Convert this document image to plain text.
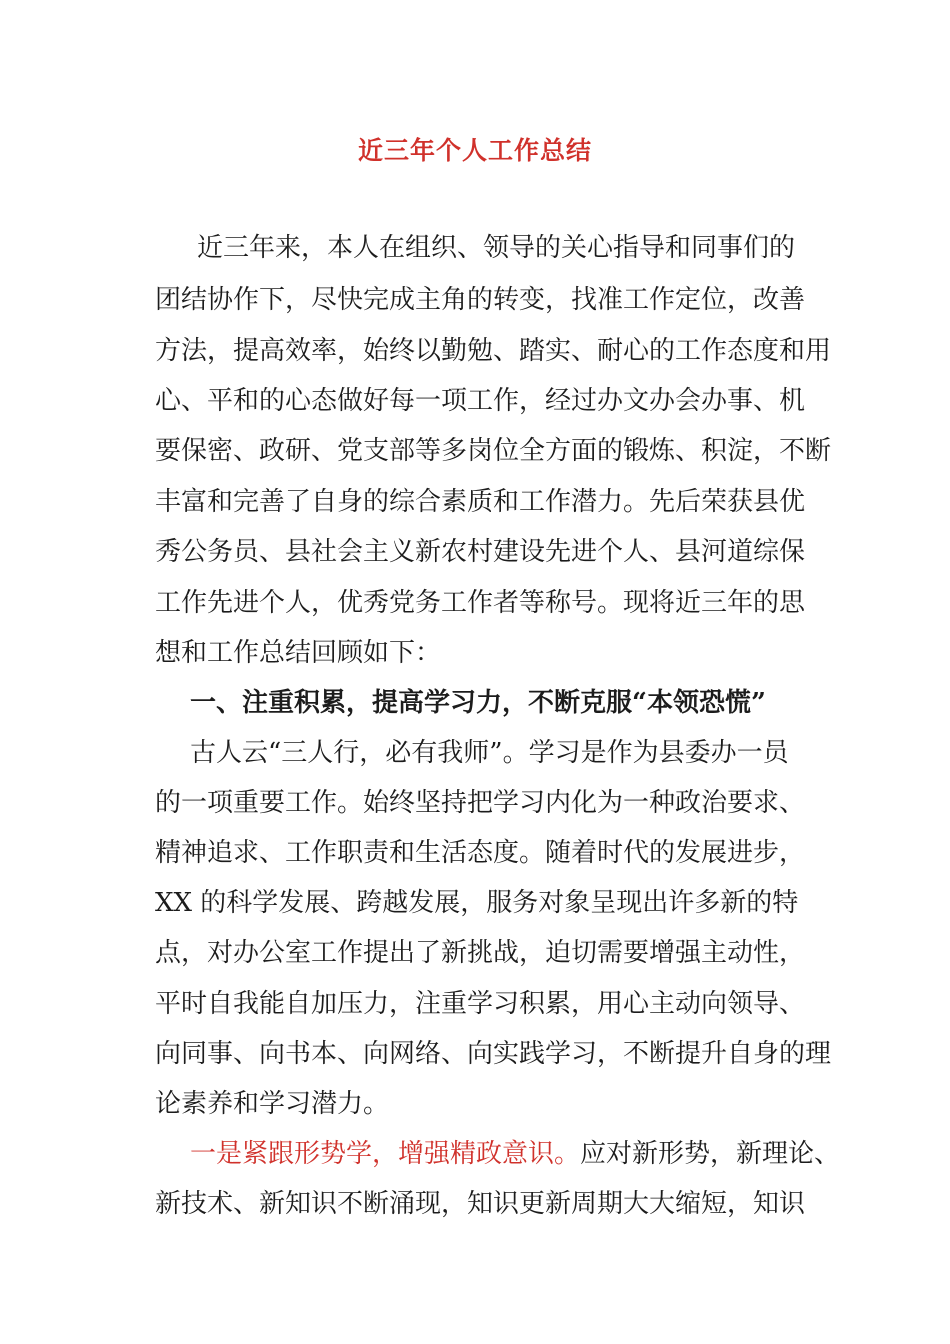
近三年个人工作总结
近三年来，本人在组织、领导的关心指导和同事们的
团结协作下，尽快完成主角的转变，找准工作定位，改善
方法，提高效率，始终以勤勉、踏实、耐心的工作态度和用
心、平和的心态做好每一项工作，经过办文办会办事、机
要保密、政研、党支部等多岗位全方面的锻炼、积淀，不断
丰富和完善了自身的综合素质和工作潜力。先后荣获县优
秀公务员、县社会主义新农村建设先进个人、县河道综保
工作先进个人，优秀党务工作者等称号。现将近三年的思
想和工作总结回顾如下：
一、注重积累，提高学习力，不断克服“本领恐慌”
古人云“三人行，必有我师”。学习是作为县委办一员
的一项重要工作。始终坚持把学习内化为一种政治要求、
精神追求、工作职责和生活态度。随着时代的发展进步，
XX 的科学发展、跨越发展，服务对象呈现出许多新的特
点，对办公室工作提出了新挑战，迫切需要增强主动性，
平时自我能自加压力，注重学习积累，用心主动向领导、
向同事、向书本、向网络、向实践学习，不断提升自身的理
论素养和学习潜力。
一是紧跟形势学，增强精政意识。应对新形势，新理论、
新技术、新知识不断涌现，知识更新周期大大缩短，知识
